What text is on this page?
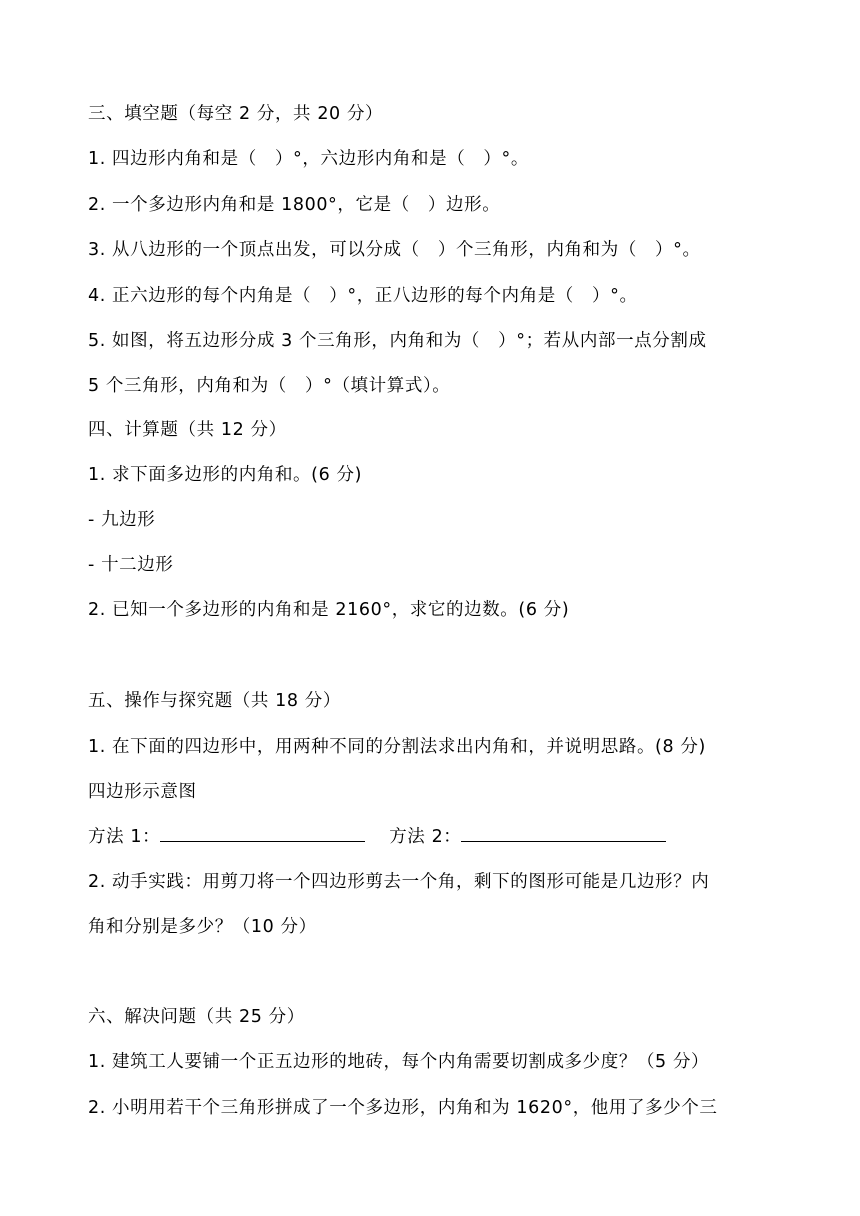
三、填空题（每空 2 分，共 20 分）
1. 四边形内角和是（　）°，六边形内角和是（　）°。
2. 一个多边形内角和是 1800°，它是（　）边形。
3. 从八边形的一个顶点出发，可以分成（　）个三角形，内角和为（　）°。
4. 正六边形的每个内角是（　）°，正八边形的每个内角是（　）°。
5. 如图，将五边形分成 3 个三角形，内角和为（　）°；若从内部一点分割成
5 个三角形，内角和为（　）°（填计算式）。
四、计算题（共 12 分）
1. 求下面多边形的内角和。(6 分)
- 九边形
- 十二边形
2. 已知一个多边形的内角和是 2160°，求它的边数。(6 分)
五、操作与探究题（共 18 分）
1. 在下面的四边形中，用两种不同的分割法求出内角和，并说明思路。(8 分)
四边形示意图
方法 1：	方法 2：
2. 动手实践：用剪刀将一个四边形剪去一个角，剩下的图形可能是几边形？内
角和分别是多少？（10 分）
六、解决问题（共 25 分）
1. 建筑工人要铺一个正五边形的地砖，每个内角需要切割成多少度？（5 分）
2. 小明用若干个三角形拼成了一个多边形，内角和为 1620°，他用了多少个三
